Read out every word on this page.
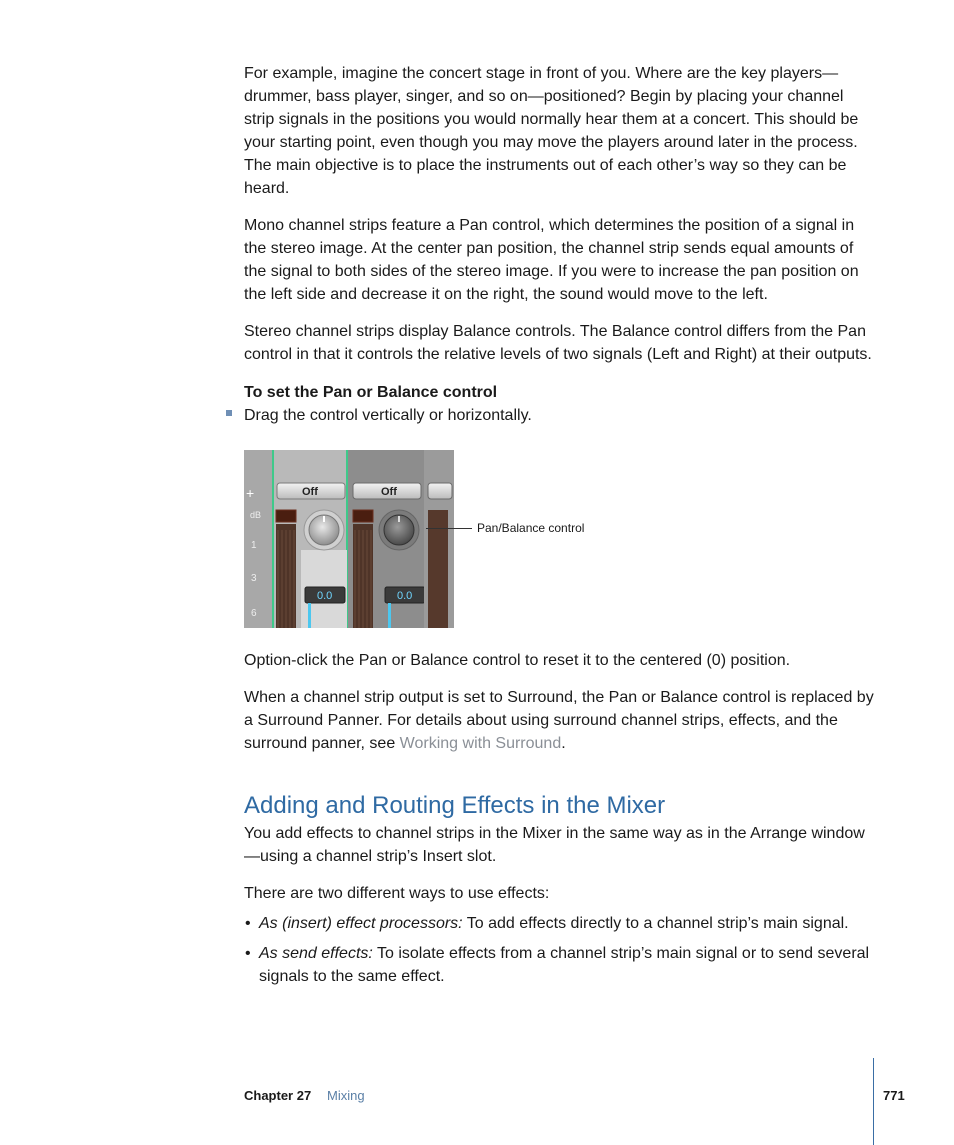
For example, imagine the concert stage in front of you. Where are the key players—drummer, bass player, singer, and so on—positioned? Begin by placing your channel strip signals in the positions you would normally hear them at a concert. This should be your starting point, even though you may move the players around later in the process. The main objective is to place the instruments out of each other’s way so they can be heard.

Mono channel strips feature a Pan control, which determines the position of a signal in the stereo image. At the center pan position, the channel strip sends equal amounts of the signal to both sides of the stereo image. If you were to increase the pan position on the left side and decrease it on the right, the sound would move to the left.

Stereo channel strips display Balance controls. The Balance control differs from the Pan control in that it controls the relative levels of two signals (Left and Right) at their outputs.

To set the Pan or Balance control
Drag the control vertically or horizontally.
+
dB
1
3
6
Off
0.0
Off
0.0
Pan/Balance control

Option-click the Pan or Balance control to reset it to the centered (0) position.

When a channel strip output is set to Surround, the Pan or Balance control is replaced by a Surround Panner. For details about using surround channel strips, effects, and the surround panner, see Working with Surround.

Adding and Routing Effects in the Mixer

You add effects to channel strips in the Mixer in the same way as in the Arrange window—using a channel strip’s Insert slot.

There are two different ways to use effects:

• As (insert) effect processors: To add effects directly to a channel strip’s main signal.
• As send effects: To isolate effects from a channel strip’s main signal or to send several signals to the same effect.
Chapter 27 Mixing	771
